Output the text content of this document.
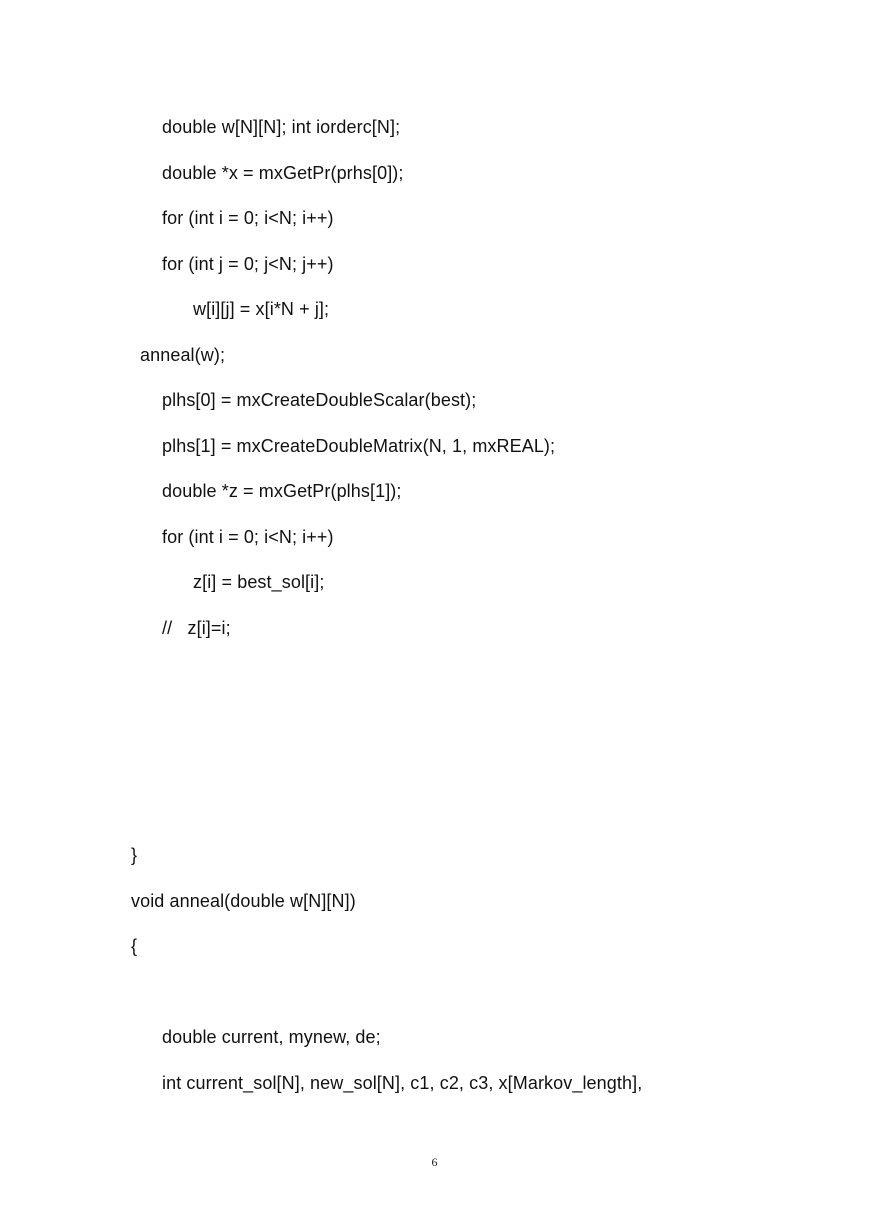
double w[N][N]; int iorderc[N];
double *x = mxGetPr(prhs[0]);
for (int i = 0; i<N; i++)
for (int j = 0; j<N; j++)
w[i][j] = x[i*N + j];
anneal(w);
plhs[0] = mxCreateDoubleScalar(best);
plhs[1] = mxCreateDoubleMatrix(N, 1, mxREAL);
double *z = mxGetPr(plhs[1]);
for (int i = 0; i<N; i++)
z[i] = best_sol[i];
//   z[i]=i;
}
void anneal(double w[N][N])
{
double current, mynew, de;
int current_sol[N], new_sol[N], c1, c2, c3, x[Markov_length],
6
